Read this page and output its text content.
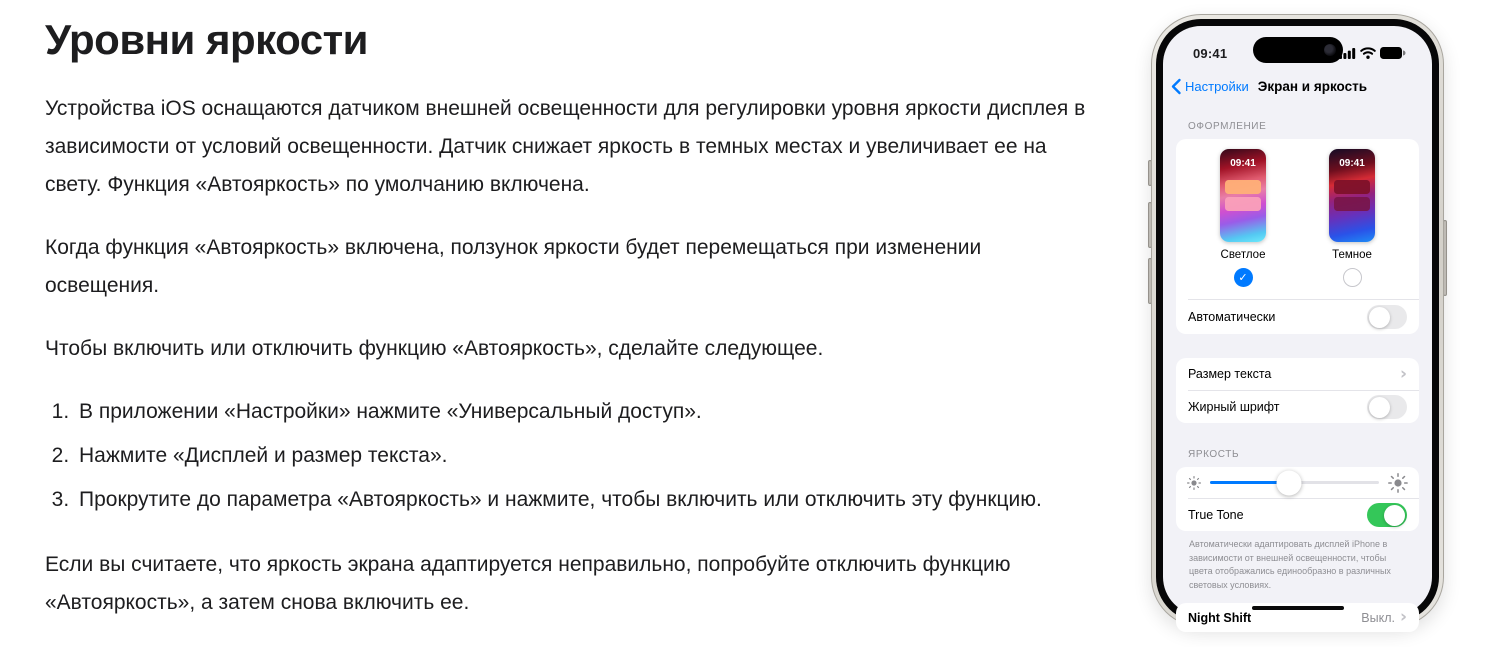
Уровни яркости

Устройства iOS оснащаются датчиком внешней освещенности для регулировки уровня яркости дисплея в зависимости от условий освещенности. Датчик снижает яркость в темных местах и увеличивает ее на свету. Функция «Автояркость» по умолчанию включена.

Когда функция «Автояркость» включена, ползунок яркости будет перемещаться при изменении освещения.

Чтобы включить или отключить функцию «Автояркость», сделайте следующее.

1. В приложении «Настройки» нажмите «Универсальный доступ».
2. Нажмите «Дисплей и размер текста».
3. Прокрутите до параметра «Автояркость» и нажмите, чтобы включить или отключить эту функцию.

Если вы считаете, что яркость экрана адаптируется неправильно, попробуйте отключить функцию «Автояркость», а затем снова включить ее.

09:41
Настройки Экран и яркость
ОФОРМЛЕНИЕ
09:41
Светлое
✓
09:41
Темное
Автоматически
Размер текста	›
Жирный шрифт
ЯРКОСТЬ
True Tone
Автоматически адаптировать дисплей iPhone в зависимости от внешней освещенности, чтобы цвета отображались единообразно в различных световых условиях.
Night Shift	Выкл. ›
